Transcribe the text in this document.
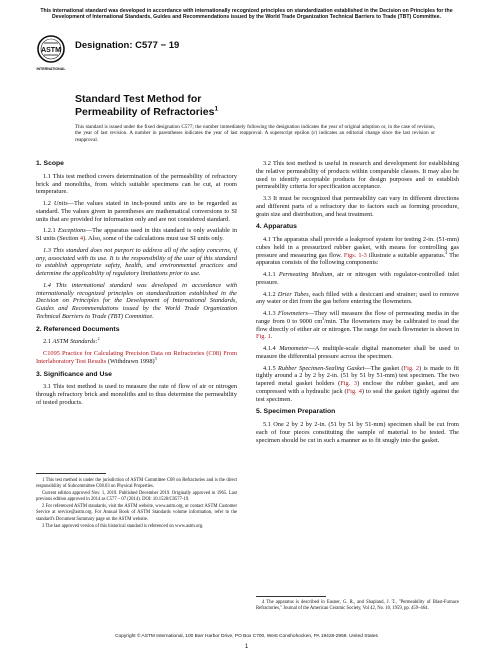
This international standard was developed in accordance with internationally recognized principles on standardization established in the Decision on Principles for the Development of International Standards, Guides and Recommendations issued by the World Trade Organization Technical Barriers to Trade (TBT) Committee.
ASTM
INTERNATIONAL
Designation: C577 − 19
Standard Test Method for
Permeability of Refractories$^1$
This standard is issued under the fixed designation C577; the number immediately following the designation indicates the year of original adoption or, in the case of revision, the year of last revision. A number in parentheses indicates the year of last reapproval. A superscript epsilon (ε) indicates an editorial change since the last revision or reapproval.
1. Scope

1.1 This test method covers determination of the permeability of refractory brick and monoliths, from which suitable specimens can be cut, at room temperature.

1.2 Units—The values stated in inch-pound units are to be regarded as standard. The values given in parentheses are mathematical conversions to SI units that are provided for information only and are not considered standard.

1.2.1 Exceptions—The apparatus used in this standard is only available in SI units (Section 4). Also, some of the calculations must use SI units only.

1.3 This standard does not purport to address all of the safety concerns, if any, associated with its use. It is the responsibility of the user of this standard to establish appropriate safety, health, and environmental practices and determine the applicability of regulatory limitations prior to use.

1.4 This international standard was developed in accordance with internationally recognized principles on standardization established in the Decision on Principles for the Development of International Standards, Guides and Recommendations issued by the World Trade Organization Technical Barriers to Trade (TBT) Committee.

2. Referenced Documents

2.1 ASTM Standards:$^2$

C1095 Practice for Calculating Precision Data on Refractories (C08) From Interlaboratory Test Results (Withdrawn 1998)$^3$

3. Significance and Use

3.1 This test method is used to measure the rate of flow of air or nitrogen through refractory brick and monoliths and to thus determine the permeability of tested products.

1 This test method is under the jurisdiction of ASTM Committee C08 on Refractories and is the direct responsibility of Subcommittee C08.03 on Physical Properties.

Current edition approved Nov. 1, 2019. Published December 2019. Originally approved in 1965. Last previous edition approved in 2014 as C577 – 07 (2014). DOI: 10.1520/C0577-19.

2 For referenced ASTM standards, visit the ASTM website, www.astm.org, or contact ASTM Customer Service at service@astm.org. For Annual Book of ASTM Standards volume information, refer to the standard's Document Summary page on the ASTM website.

3 The last approved version of this historical standard is referenced on www.astm.org.

3.2 This test method is useful in research and development for establishing the relative permeability of products within comparable classes. It may also be used to identify acceptable products for design purposes and to establish permeability criteria for specification acceptance.

3.3 It must be recognized that permeability can vary in different directions and different parts of a refractory due to factors such as forming procedure, grain size and distribution, and heat treatment.

4. Apparatus

4.1 The apparatus shall provide a leakproof system for testing 2-in. (51-mm) cubes held in a pressurized rubber gasket, with means for controlling gas pressure and measuring gas flow. Figs. 1-3 illustrate a suitable apparatus.$^4$ The apparatus consists of the following components:

4.1.1 Permeating Medium, air or nitrogen with regulator-controlled inlet pressure.

4.1.2 Drier Tubes, each filled with a desiccant and strainer; used to remove any water or dirt from the gas before entering the flowmeters.

4.1.3 Flowmeters—They will measure the flow of permeating media in the range from 0 to 9000 $cm^3/\min$. The flowmeters may be calibrated to read the flow directly of either air or nitrogen. The range for each flowmeter is shown in Fig. 1.

4.1.4 Manometer—A multiple-scale digital manometer shall be used to measure the differential pressure across the specimen.

4.1.5 Rubber Specimen-Sealing Gasket—The gasket (Fig. 2) is made to fit tightly around a 2 by 2 by 2-in. (51 by 51 by 51-mm) test specimen. The two tapered metal gasket holders (Fig. 3) enclose the rubber gasket, and are compressed with a hydraulic jack (Fig. 4) to seal the gasket tightly against the test specimen.

5. Specimen Preparation

5.1 One 2 by 2 by 2-in. (51 by 51 by 51-mm) specimen shall be cut from each of four pieces constituting the sample of material to be tested. The specimen should be cut in such a manner as to fit snugly into the gasket.

4 The apparatus is described in Eusner, G. R., and Shapland, J. T., "Permeability of Blast-Furnace Refractories," Journal of the American Ceramic Society, Vol 42, No. 10, 1959, pp. 459–464.

Copyright © ASTM International, 100 Barr Harbor Drive, PO Box C700, West Conshohocken, PA 19428-2959. United States
1
